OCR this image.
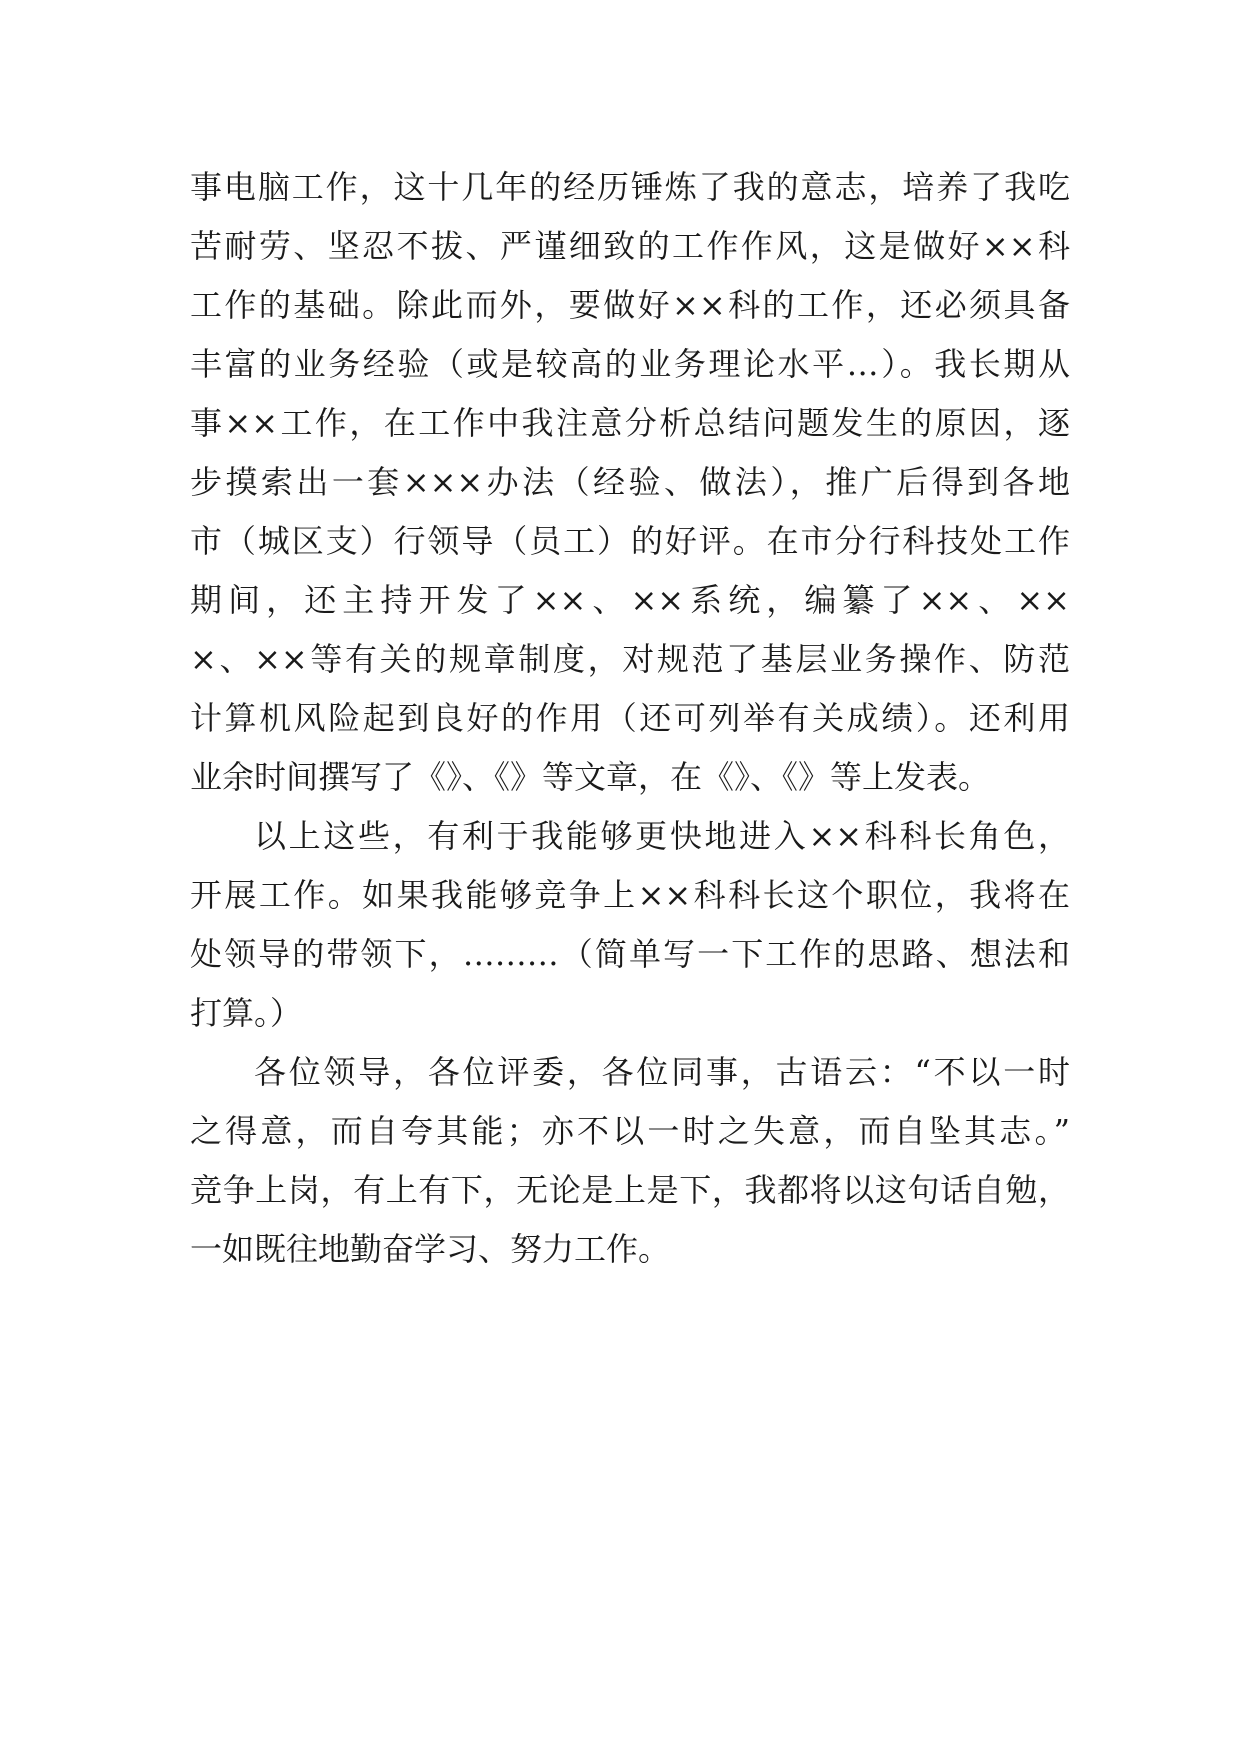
事电脑工作，这十几年的经历锤炼了我的意志，培养了我吃
苦耐劳、坚忍不拔、严谨细致的工作作风，这是做好××科
工作的基础。除此而外，要做好××科的工作，还必须具备
丰富的业务经验（或是较高的业务理论水平…）。我长期从
事××工作，在工作中我注意分析总结问题发生的原因，逐
步摸索出一套×××办法（经验、做法），推广后得到各地
市（城区支）行领导（员工）的好评。在市分行科技处工作
期间，还主持开发了××、××系统，编纂了××、××
×、××等有关的规章制度，对规范了基层业务操作、防范
计算机风险起到良好的作用（还可列举有关成绩）。还利用
业余时间撰写了《》、《》等文章，在《》、《》等上发表。
以上这些，有利于我能够更快地进入××科科长角色，
开展工作。如果我能够竞争上××科科长这个职位，我将在
处领导的带领下，………（简单写一下工作的思路、想法和
打算。）
各位领导，各位评委，各位同事，古语云：“不以一时
之得意，而自夸其能；亦不以一时之失意，而自坠其志。”
竞争上岗，有上有下，无论是上是下，我都将以这句话自勉，
一如既往地勤奋学习、努力工作。
